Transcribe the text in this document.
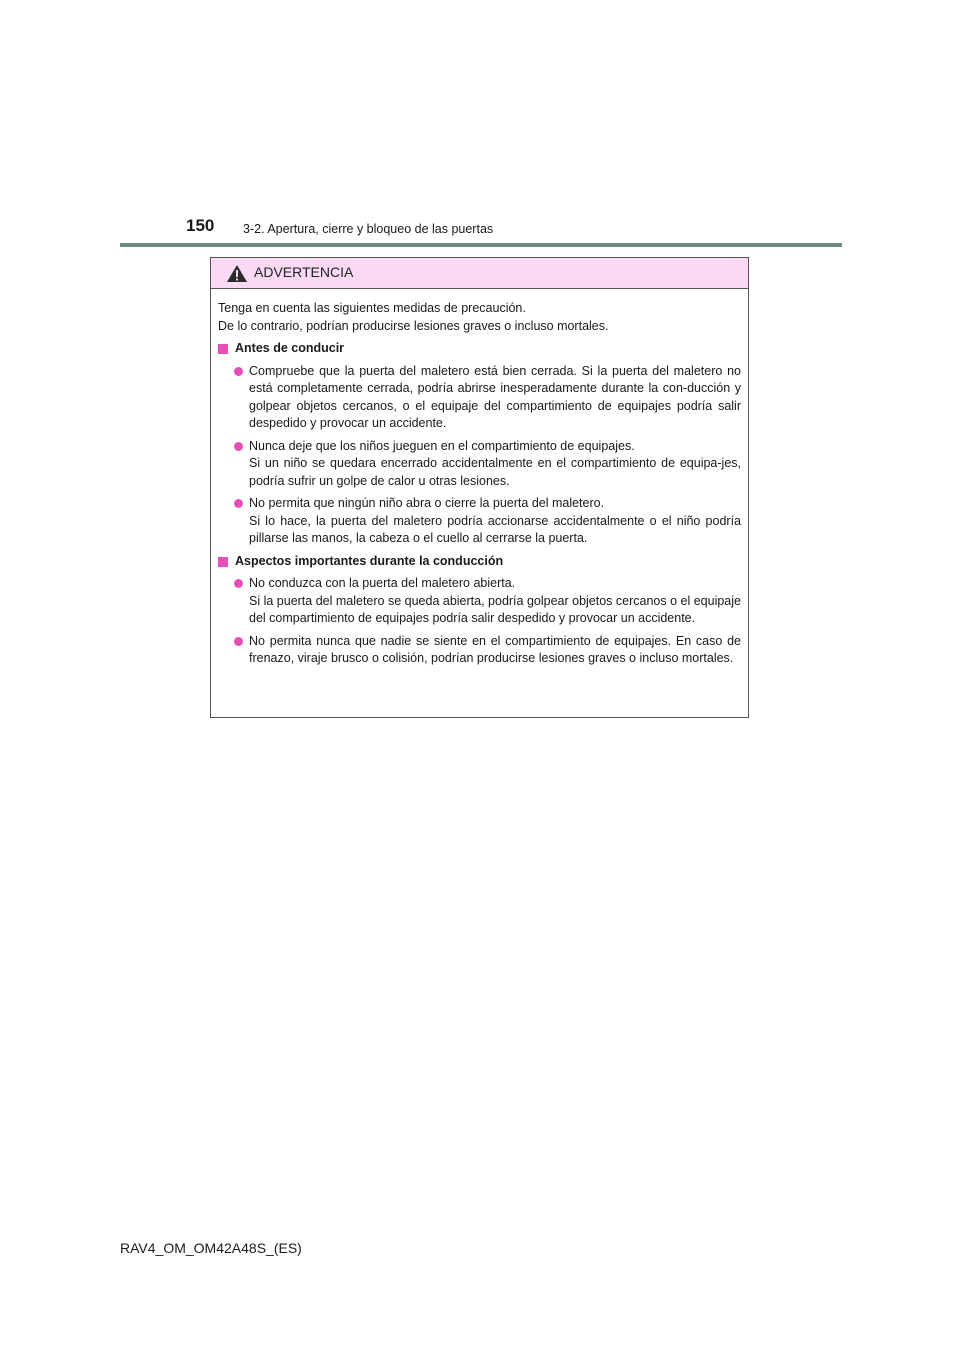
150 3-2. Apertura, cierre y bloqueo de las puertas
ADVERTENCIA

Tenga en cuenta las siguientes medidas de precaución.

De lo contrario, podrían producirse lesiones graves o incluso mortales.

Antes de conducir

Compruebe que la puerta del maletero está bien cerrada. Si la puerta del maletero no está completamente cerrada, podría abrirse inesperadamente durante la con-ducción y golpear objetos cercanos, o el equipaje del compartimiento de equipajes podría salir despedido y provocar un accidente.

Nunca deje que los niños jueguen en el compartimiento de equipajes.

Si un niño se quedara encerrado accidentalmente en el compartimiento de equipa-jes, podría sufrir un golpe de calor u otras lesiones.

No permita que ningún niño abra o cierre la puerta del maletero.

Si lo hace, la puerta del maletero podría accionarse accidentalmente o el niño podría pillarse las manos, la cabeza o el cuello al cerrarse la puerta.

Aspectos importantes durante la conducción

No conduzca con la puerta del maletero abierta.

Si la puerta del maletero se queda abierta, podría golpear objetos cercanos o el equipaje del compartimiento de equipajes podría salir despedido y provocar un accidente.

No permita nunca que nadie se siente en el compartimiento de equipajes. En caso de frenazo, viraje brusco o colisión, podrían producirse lesiones graves o incluso mortales.

RAV4_OM_OM42A48S_(ES)
